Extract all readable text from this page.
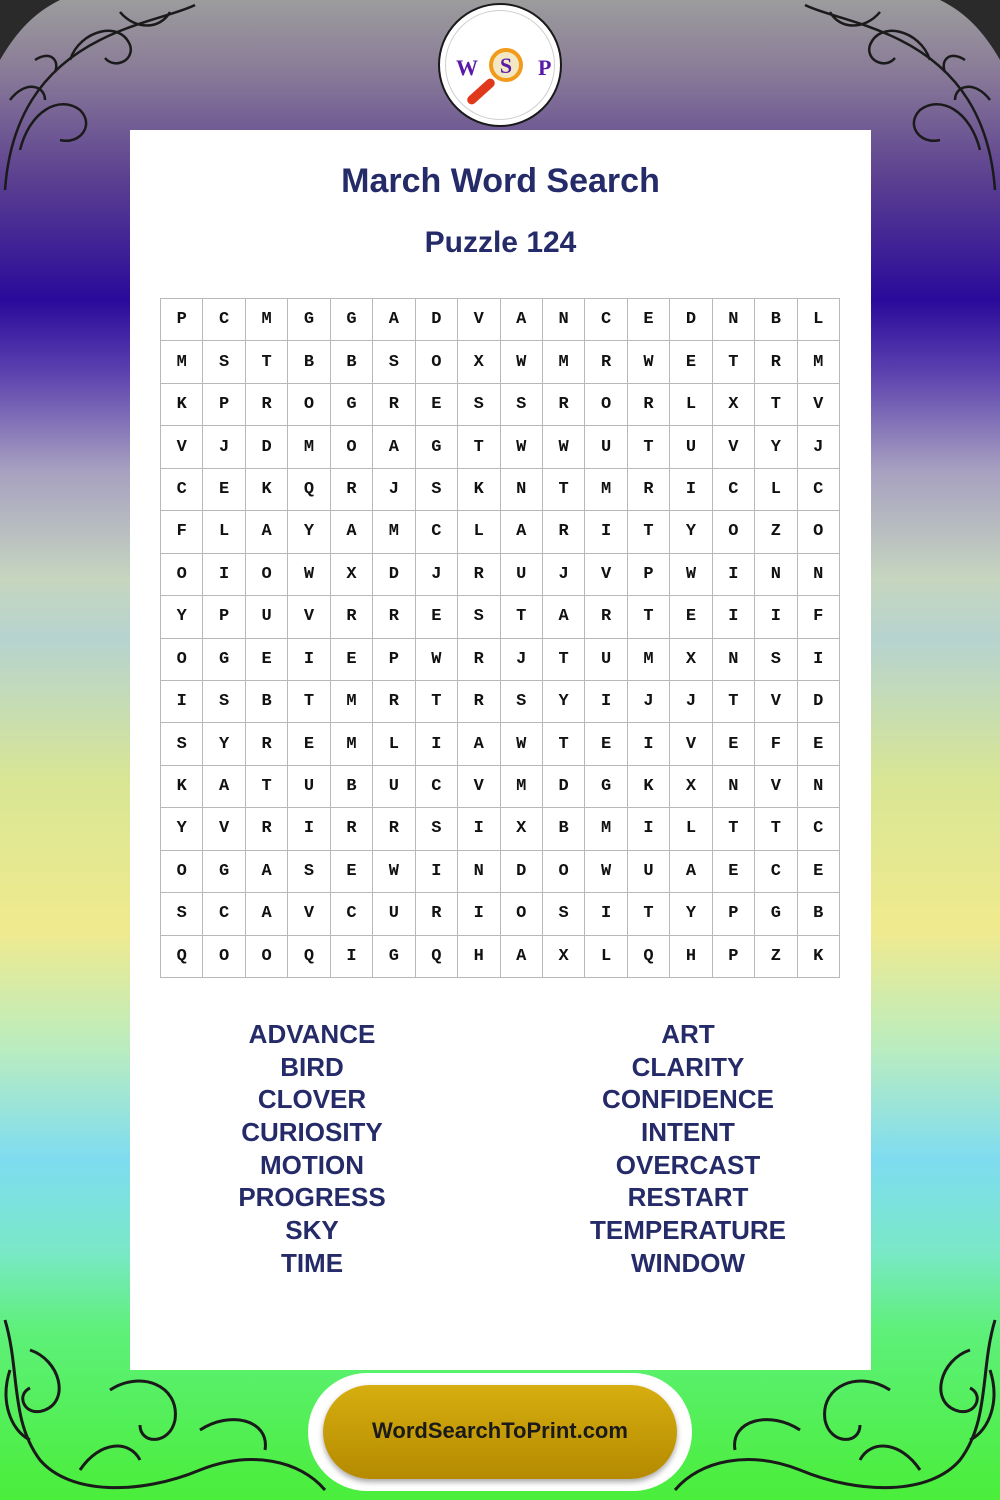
W S P
March Word Search
Puzzle 124
P	C	M	G	G	A	D	V	A	N	C	E	D	N	B	L
M	S	T	B	B	S	O	X	W	M	R	W	E	T	R	M
K	P	R	O	G	R	E	S	S	R	O	R	L	X	T	V
V	J	D	M	O	A	G	T	W	W	U	T	U	V	Y	J
C	E	K	Q	R	J	S	K	N	T	M	R	I	C	L	C
F	L	A	Y	A	M	C	L	A	R	I	T	Y	O	Z	O
O	I	O	W	X	D	J	R	U	J	V	P	W	I	N	N
Y	P	U	V	R	R	E	S	T	A	R	T	E	I	I	F
O	G	E	I	E	P	W	R	J	T	U	M	X	N	S	I
I	S	B	T	M	R	T	R	S	Y	I	J	J	T	V	D
S	Y	R	E	M	L	I	A	W	T	E	I	V	E	F	E
K	A	T	U	B	U	C	V	M	D	G	K	X	N	V	N
Y	V	R	I	R	R	S	I	X	B	M	I	L	T	T	C
O	G	A	S	E	W	I	N	D	O	W	U	A	E	C	E
S	C	A	V	C	U	R	I	O	S	I	T	Y	P	G	B
Q	O	O	Q	I	G	Q	H	A	X	L	Q	H	P	Z	K
ADVANCE
BIRD
CLOVER
CURIOSITY
MOTION
PROGRESS
SKY
TIME
ART
CLARITY
CONFIDENCE
INTENT
OVERCAST
RESTART
TEMPERATURE
WINDOW
WordSearchToPrint.com
